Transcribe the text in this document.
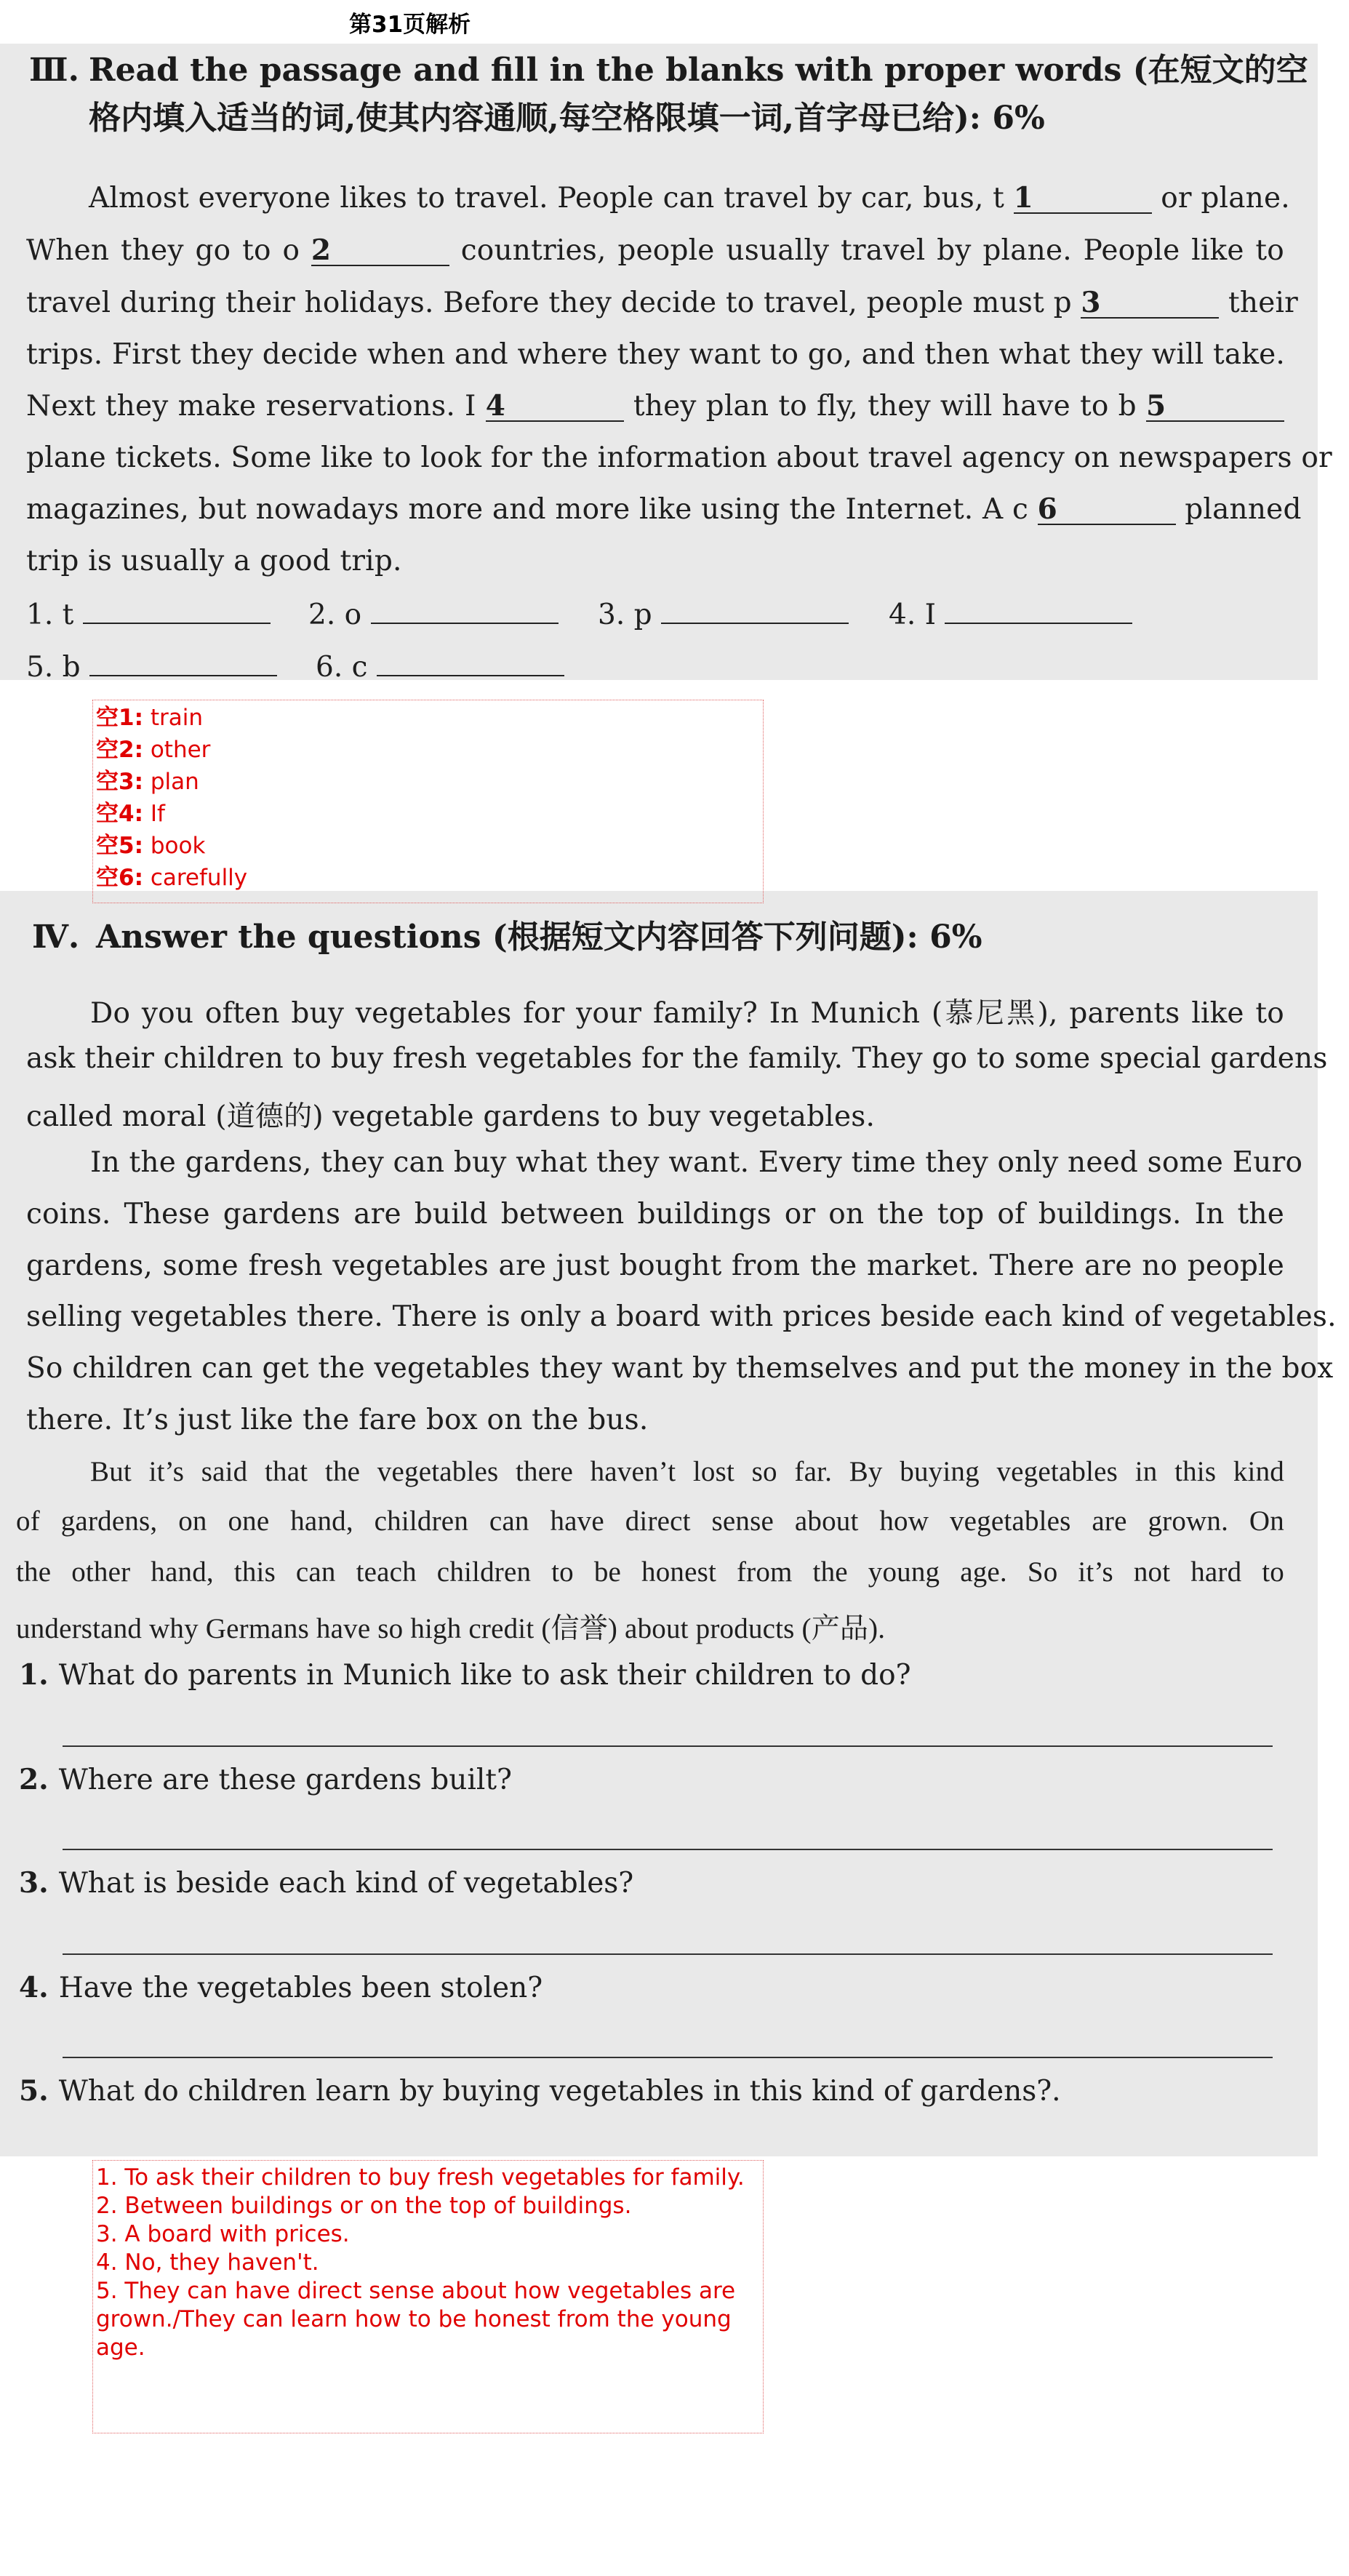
第31页解析
Ⅲ. Read the passage and fill in the blanks with proper words (在短文的空格内填入适当的词,使其内容通顺,每空格限填一词,首字母已给): 6%
Almost everyone likes to travel. People can travel by car, bus, t 1	or plane.
When they go to o 2	countries, people usually travel by plane. People like to
travel during their holidays. Before they decide to travel, people must p 3	their
trips. First they decide when and where they want to go, and then what they will take.
Next they make reservations. I 4	they plan to fly, they will have to b 5
plane tickets. Some like to look for the information about travel agency on newspapers or
magazines, but nowadays more and more like using the Internet. A c 6	planned
trip is usually a good trip.
1. t	2. o	3. p	4. I
5. b	6. c
空1: train
空2: other
空3: plan
空4: If
空5: book
空6: carefully
Ⅳ. Answer the questions (根据短文内容回答下列问题): 6%
Do you often buy vegetables for your family? In Munich (慕尼黑), parents like to
ask their children to buy fresh vegetables for the family. They go to some special gardens
called moral (道德的) vegetable gardens to buy vegetables.
In the gardens, they can buy what they want. Every time they only need some Euro
coins. These gardens are build between buildings or on the top of buildings. In the
gardens, some fresh vegetables are just bought from the market. There are no people
selling vegetables there. There is only a board with prices beside each kind of vegetables.
So children can get the vegetables they want by themselves and put the money in the box
there. It’s just like the fare box on the bus.
But it’s said that the vegetables there haven’t lost so far. By buying vegetables in this kind
of gardens, on one hand, children can have direct sense about how vegetables are grown. On
the other hand, this can teach children to be honest from the young age. So it’s not hard to
understand why Germans have so high credit (信誉) about products (产品).
1. What do parents in Munich like to ask their children to do?
2. Where are these gardens built?
3. What is beside each kind of vegetables?
4. Have the vegetables been stolen?
5. What do children learn by buying vegetables in this kind of gardens?.
1. To ask their children to buy fresh vegetables for family.
2. Between buildings or on the top of buildings.
3. A board with prices.
4. No, they haven't.
5. They can have direct sense about how vegetables are grown./They can learn how to be honest from the young age.
